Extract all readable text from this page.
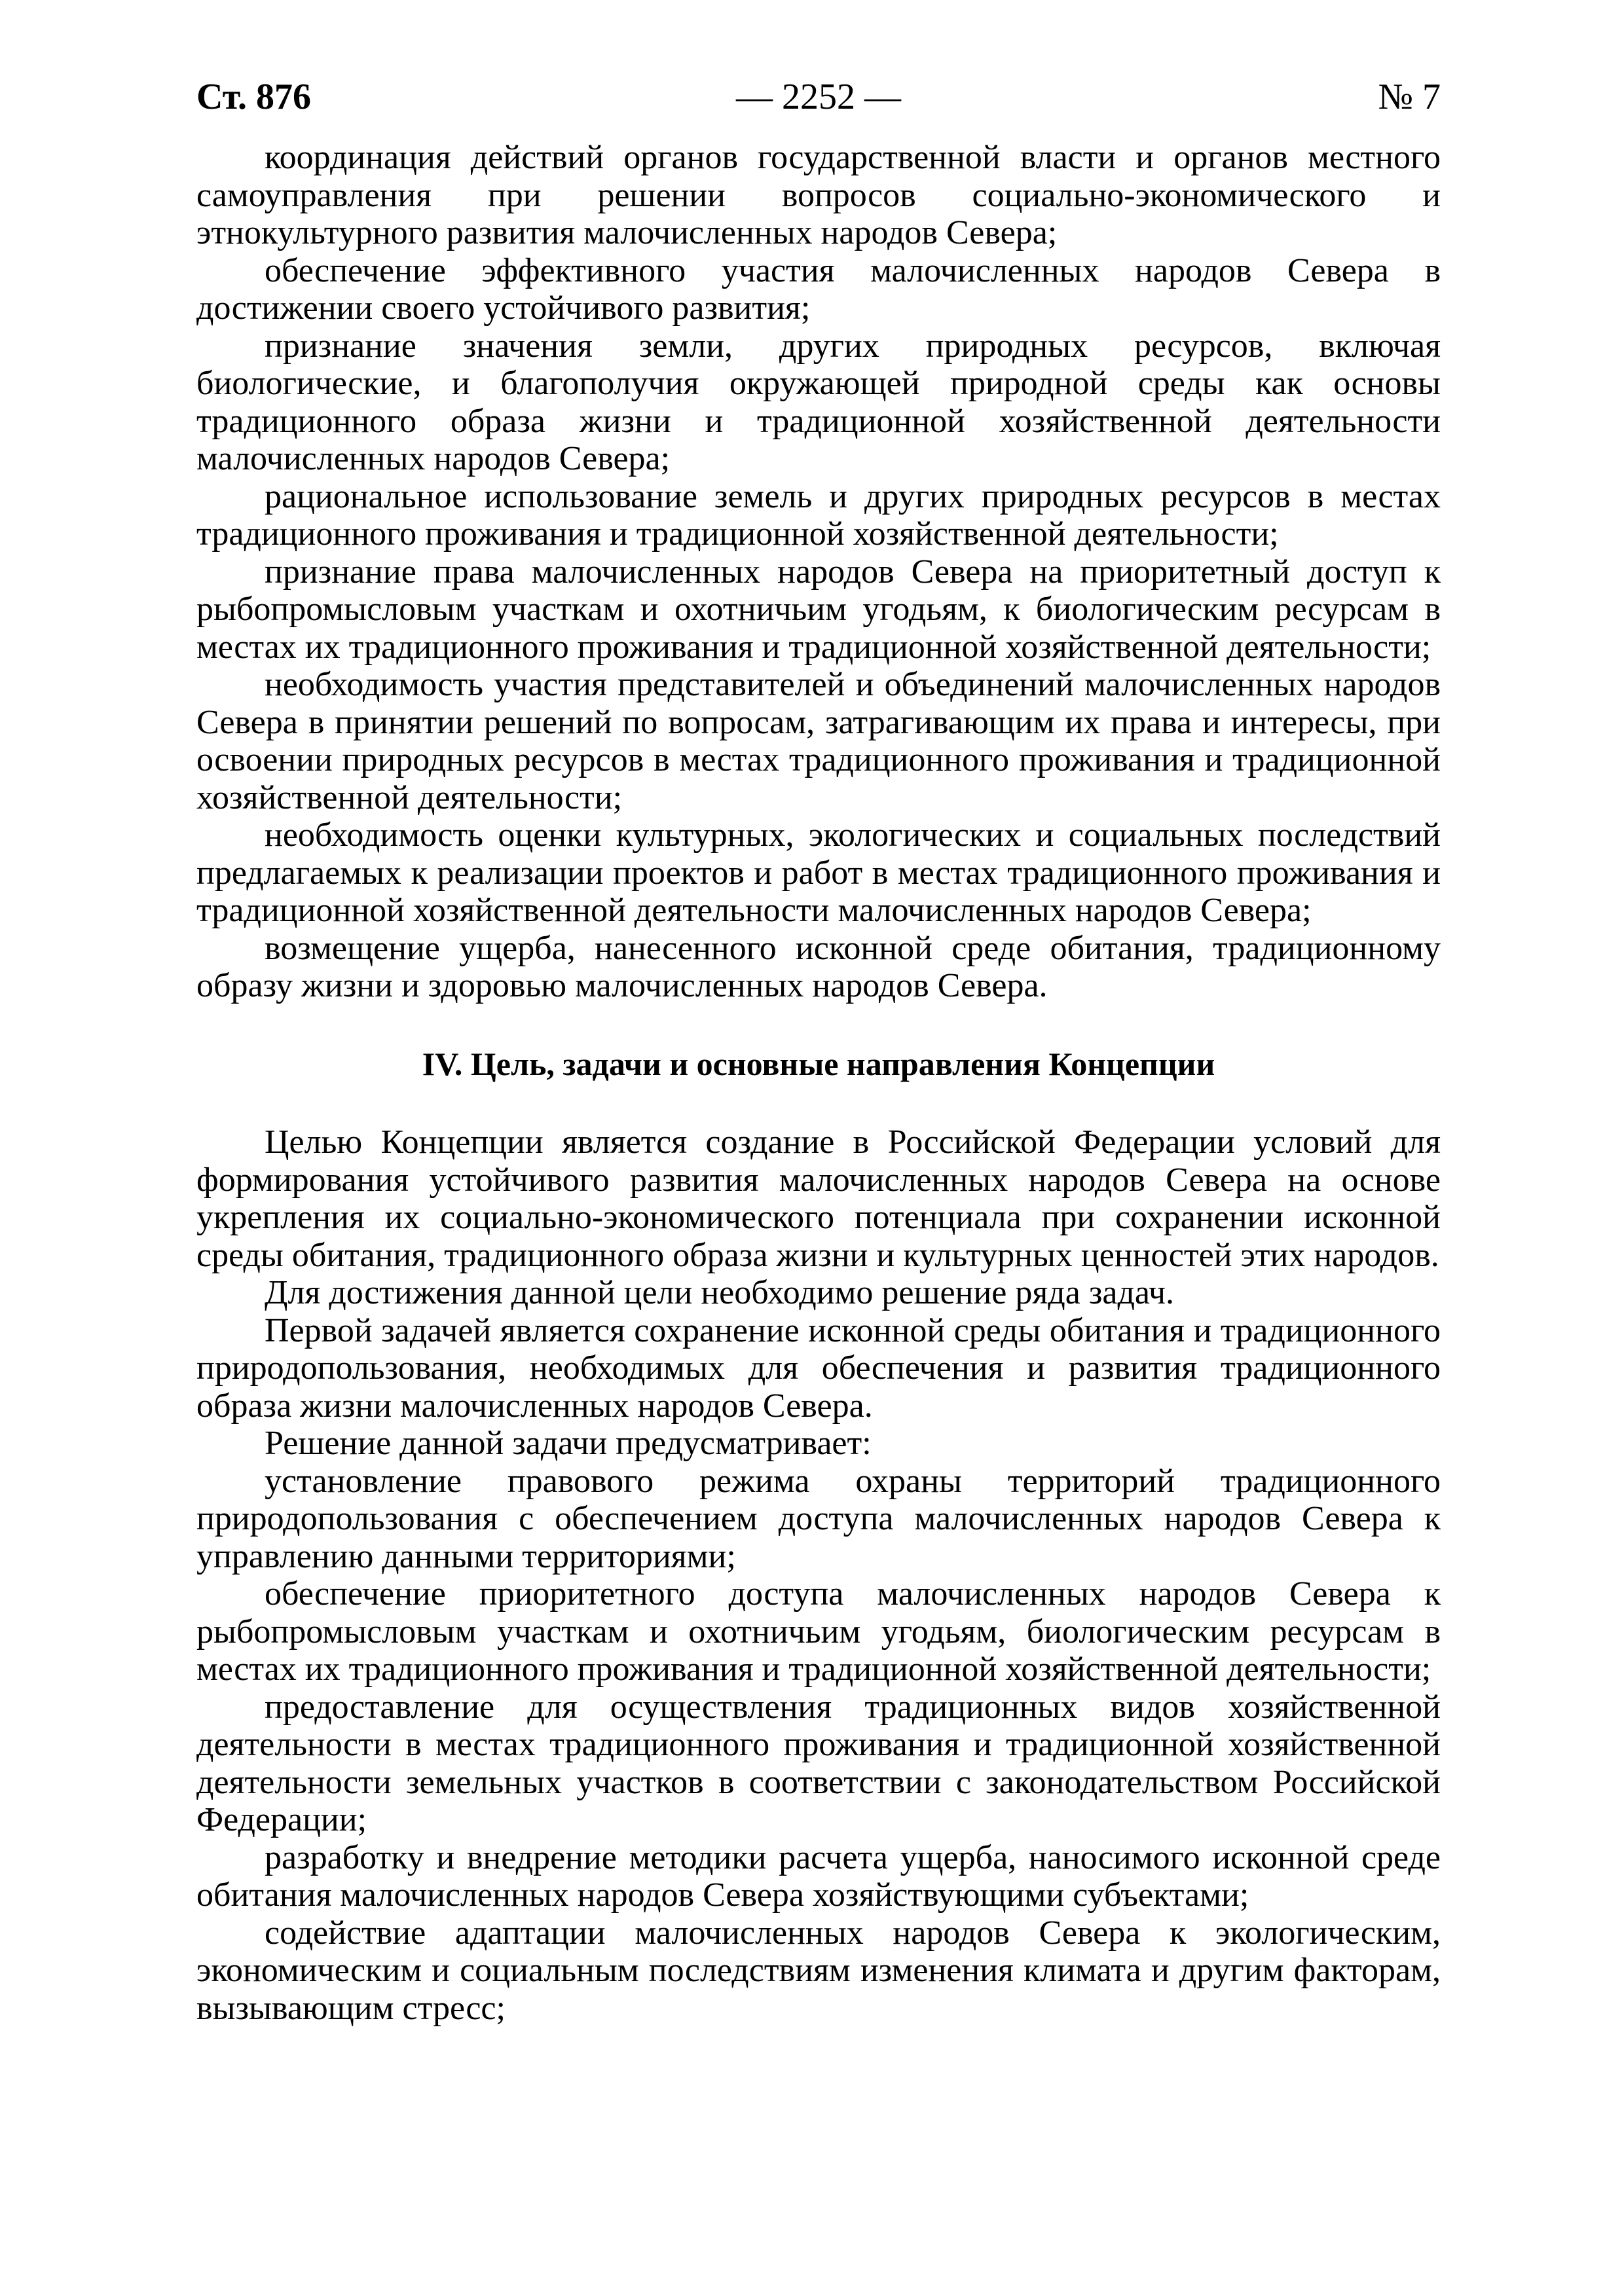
Ст. 876	— 2252 —	№ 7

координация действий органов государственной власти и органов местного самоуправления при решении вопросов социально-экономического и этнокультурного развития малочисленных народов Севера;

обеспечение эффективного участия малочисленных народов Севера в достижении своего устойчивого развития;

признание значения земли, других природных ресурсов, включая биологические, и благополучия окружающей природной среды как основы традиционного образа жизни и традиционной хозяйственной деятельности малочисленных народов Севера;

рациональное использование земель и других природных ресурсов в местах традиционного проживания и традиционной хозяйственной деятельности;

признание права малочисленных народов Севера на приоритетный доступ к рыбопромысловым участкам и охотничьим угодьям, к биологическим ресурсам в местах их традиционного проживания и традиционной хозяйственной деятельности;

необходимость участия представителей и объединений малочисленных народов Севера в принятии решений по вопросам, затрагивающим их права и интересы, при освоении природных ресурсов в местах традиционного проживания и традиционной хозяйственной деятельности;

необходимость оценки культурных, экологических и социальных последствий предлагаемых к реализации проектов и работ в местах традиционного проживания и традиционной хозяйственной деятельности малочисленных народов Севера;

возмещение ущерба, нанесенного исконной среде обитания, традиционному образу жизни и здоровью малочисленных народов Севера.

IV. Цель, задачи и основные направления Концепции

Целью Концепции является создание в Российской Федерации условий для формирования устойчивого развития малочисленных народов Севера на основе укрепления их социально-экономического потенциала при сохранении исконной среды обитания, традиционного образа жизни и культурных ценностей этих народов.

Для достижения данной цели необходимо решение ряда задач.

Первой задачей является сохранение исконной среды обитания и традиционного природопользования, необходимых для обеспечения и развития традиционного образа жизни малочисленных народов Севера.

Решение данной задачи предусматривает:

установление правового режима охраны территорий традиционного природопользования с обеспечением доступа малочисленных народов Севера к управлению данными территориями;

обеспечение приоритетного доступа малочисленных народов Севера к рыбопромысловым участкам и охотничьим угодьям, биологическим ресурсам в местах их традиционного проживания и традиционной хозяйственной деятельности;

предоставление для осуществления традиционных видов хозяйственной деятельности в местах традиционного проживания и традиционной хозяйственной деятельности земельных участков в соответствии с законодательством Российской Федерации;

разработку и внедрение методики расчета ущерба, наносимого исконной среде обитания малочисленных народов Севера хозяйствующими субъектами;

содействие адаптации малочисленных народов Севера к экологическим, экономическим и социальным последствиям изменения климата и другим факторам, вызывающим стресс;
